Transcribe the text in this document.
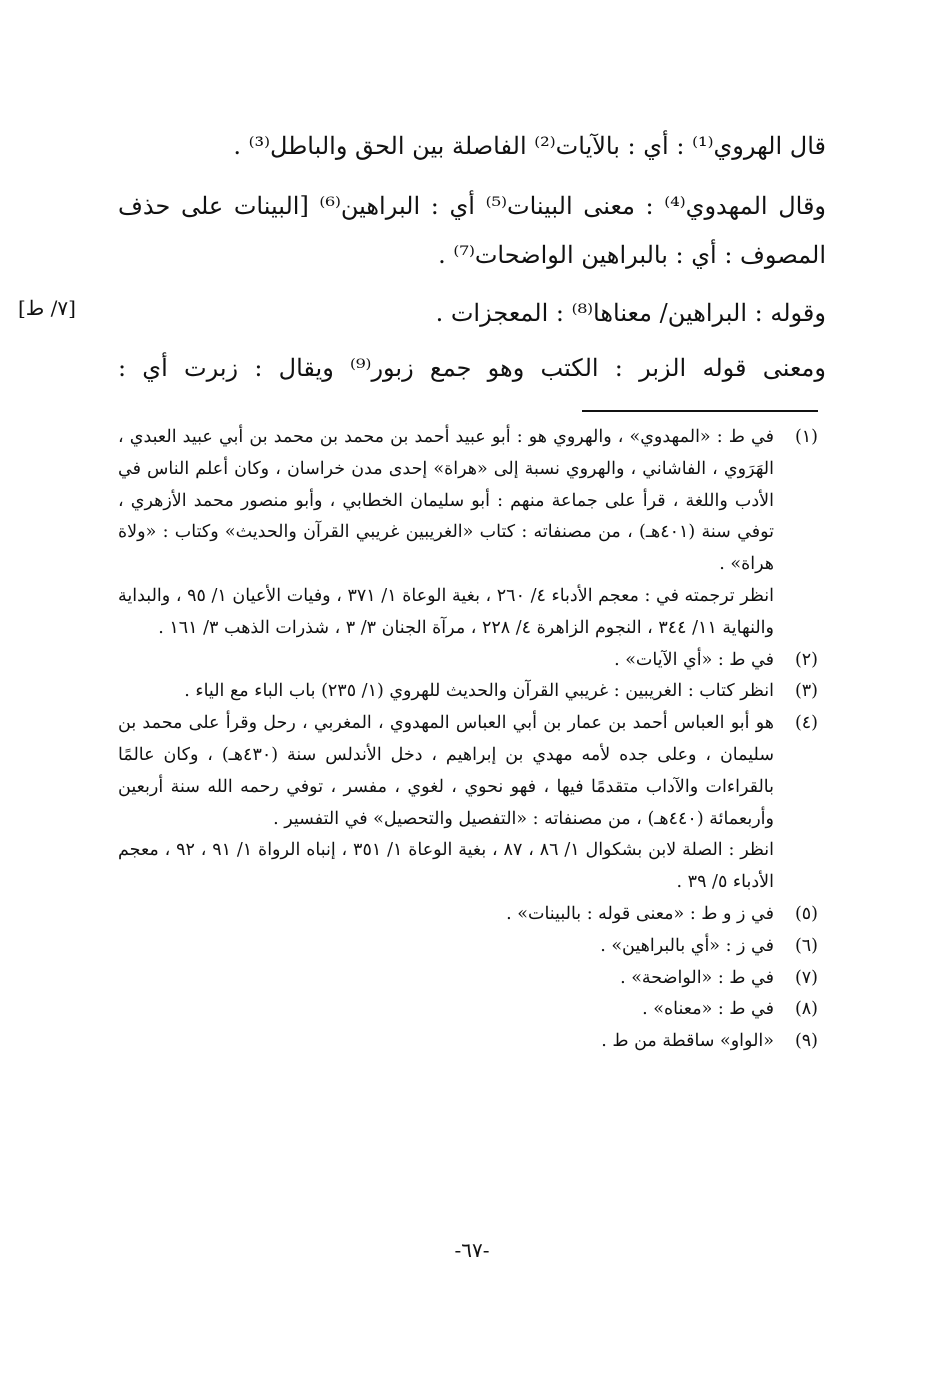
قال الهروي⁽¹⁾ : أي : بالآيات⁽²⁾ الفاصلة بين الحق والباطل⁽³⁾ .
وقال المهدوي⁽⁴⁾ : معنى البينات⁽⁵⁾ أي : البراهين⁽⁶⁾ [البينات على حذف
المصوف : أي : بالبراهين الواضحات⁽⁷⁾ .
وقوله : البراهين/ معناها⁽⁸⁾ : المعجزات .
ومعنى قوله الزبر : الكتب وهو جمع زبور⁽⁹⁾ ويقال : زبرت أي :
[٧/ ط]
(١)
في ط : «المهدوي» ، والهروي هو : أبو عبيد أحمد بن محمد بن محمد بن أبي عبيد العبدي ، الهَرَوي ، الفاشاني ، والهروي نسبة إلى «هراة» إحدى مدن خراسان ، وكان أعلم الناس في الأدب واللغة ، قرأ على جماعة منهم : أبو سليمان الخطابي ، وأبو منصور محمد الأزهري ، توفي سنة (٤٠١هـ) ، من مصنفاته : كتاب «الغريبين غريبي القرآن والحديث» وكتاب : «ولاة هراة» .
انظر ترجمته في : معجم الأدباء ٤/ ٢٦٠ ، بغية الوعاة ١/ ٣٧١ ، وفيات الأعيان ١/ ٩٥ ، والبداية والنهاية ١١/ ٣٤٤ ، النجوم الزاهرة ٤/ ٢٢٨ ، مرآة الجنان ٣/ ٣ ، شذرات الذهب ٣/ ١٦١ .
(٢)
في ط : «أي الآيات» .
(٣)
انظر كتاب : الغريبين : غريبي القرآن والحديث للهروي (١/ ٢٣٥) باب الباء مع الياء .
(٤)
هو أبو العباس أحمد بن عمار بن أبي العباس المهدوي ، المغربي ، رحل وقرأ على محمد بن سليمان ، وعلى جده لأمه مهدي بن إبراهيم ، دخل الأندلس سنة (٤٣٠هـ) ، وكان عالمًا بالقراءات والآداب متقدمًا فيها ، فهو نحوي ، لغوي ، مفسر ، توفي رحمه الله سنة أربعين وأربعمائة (٤٤٠هـ) ، من مصنفاته : «التفصيل والتحصيل» في التفسير .
انظر : الصلة لابن بشكوال ١/ ٨٦ ، ٨٧ ، بغية الوعاة ١/ ٣٥١ ، إنباه الرواة ١/ ٩١ ، ٩٢ ، معجم الأدباء ٥/ ٣٩ .
(٥)
في ز و ط : «معنى قوله : بالبينات» .
(٦)
في ز : «أي بالبراهين» .
(٧)
في ط : «الواضحة» .
(٨)
في ط : «معناه» .
(٩)
«الواو» ساقطة من ط .
-٦٧-
